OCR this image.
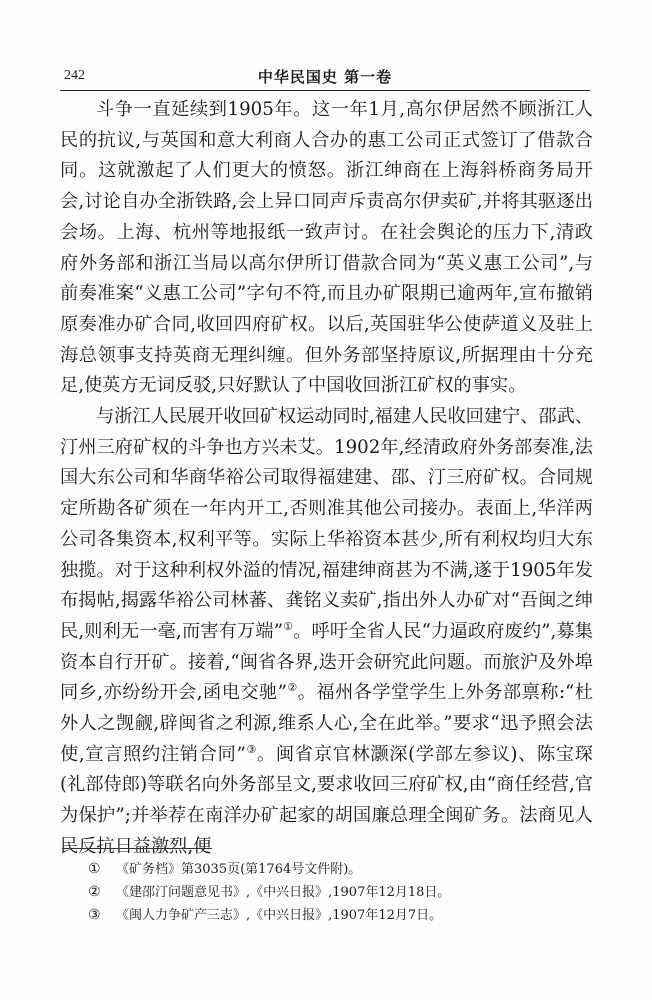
242	中华民国史 第一卷

斗争一直延续到1905年。这一年1月,高尔伊居然不顾浙江人民的抗议,与英国和意大利商人合办的惠工公司正式签订了借款合同。这就激起了人们更大的愤怒。浙江绅商在上海斜桥商务局开会,讨论自办全浙铁路,会上异口同声斥责高尔伊卖矿,并将其驱逐出会场。上海、杭州等地报纸一致声讨。在社会舆论的压力下,清政府外务部和浙江当局以高尔伊所订借款合同为“英义惠工公司”,与前奏准案“义惠工公司”字句不符,而且办矿限期已逾两年,宣布撤销原奏准办矿合同,收回四府矿权。以后,英国驻华公使萨道义及驻上海总领事支持英商无理纠缠。但外务部坚持原议,所据理由十分充足,使英方无词反驳,只好默认了中国收回浙江矿权的事实。

与浙江人民展开收回矿权运动同时,福建人民收回建宁、邵武、汀州三府矿权的斗争也方兴未艾。1902年,经清政府外务部奏准,法国大东公司和华商华裕公司取得福建建、邵、汀三府矿权。合同规定所勘各矿须在一年内开工,否则准其他公司接办。表面上,华洋两公司各集资本,权利平等。实际上华裕资本甚少,所有利权均归大东独揽。对于这种利权外溢的情况,福建绅商甚为不满,遂于1905年发布揭帖,揭露华裕公司林蕃、龚铭义卖矿,指出外人办矿对“吾闽之绅民,则利无一毫,而害有万端”①。呼吁全省人民“力逼政府废约”,募集资本自行开矿。接着,“闽省各界,迭开会研究此问题。而旅沪及外埠同乡,亦纷纷开会,函电交驰”②。福州各学堂学生上外务部禀称:“杜外人之觊觎,辟闽省之利源,维系人心,全在此举。”要求“迅予照会法使,宣言照约注销合同”③。闽省京官林灏深(学部左参议)、陈宝琛(礼部侍郎)等联名向外务部呈文,要求收回三府矿权,由“商任经营,官为保护”;并举荐在南洋办矿起家的胡国廉总理全闽矿务。法商见人民反抗日益激烈,便

① 《矿务档》第3035页(第1764号文件附)。
② 《建邵汀问题意见书》,《中兴日报》,1907年12月18日。
③ 《闽人力争矿产三志》,《中兴日报》,1907年12月7日。
